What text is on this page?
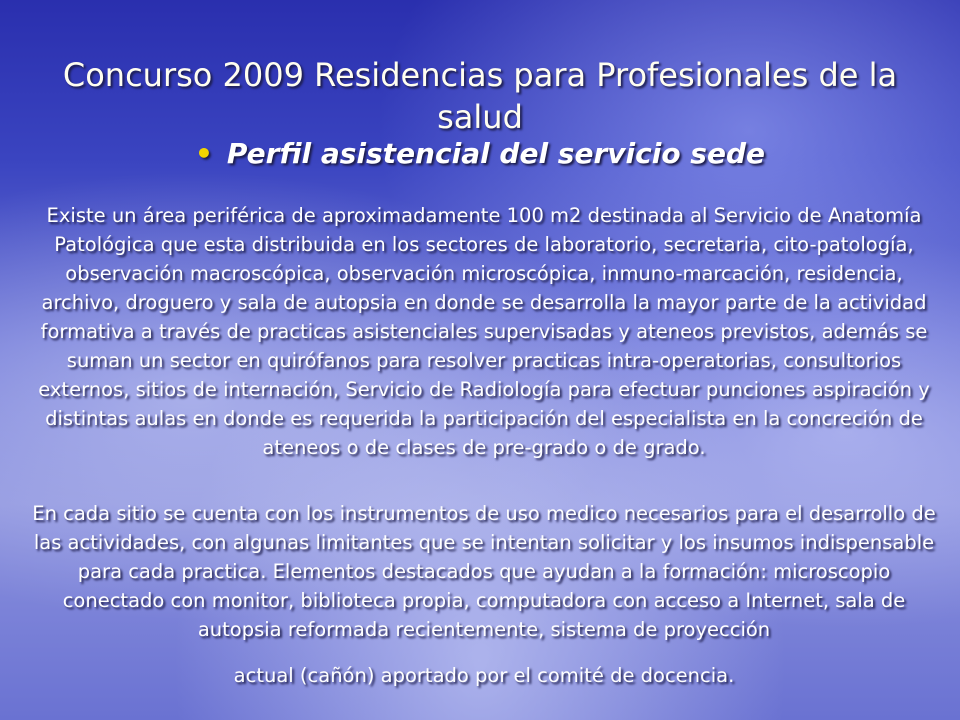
Concurso 2009 Residencias para Profesionales de la salud
• Perfil asistencial del servicio sede

Existe un área periférica de aproximadamente 100 m2 destinada al Servicio de Anatomía Patológica que esta distribuida en los sectores de laboratorio, secretaria, cito-patología, observación macroscópica, observación microscópica, inmuno-marcación, residencia, archivo, droguero y sala de autopsia en donde se desarrolla la mayor parte de la actividad formativa a través de practicas asistenciales supervisadas y ateneos previstos, además se suman un sector en quirófanos para resolver practicas intra-operatorias, consultorios externos, sitios de internación, Servicio de Radiología para efectuar punciones aspiración y distintas aulas en donde es requerida la participación del especialista en la concreción de ateneos o de clases de pre-grado o de grado.

En cada sitio se cuenta con los instrumentos de uso medico necesarios para el desarrollo de las actividades, con algunas limitantes que se intentan solicitar y los insumos indispensable para cada practica. Elementos destacados que ayudan a la formación: microscopio conectado con monitor, biblioteca propia, computadora con acceso a Internet, sala de autopsia reformada recientemente, sistema de proyección

actual (cañón) aportado por el comité de docencia.
